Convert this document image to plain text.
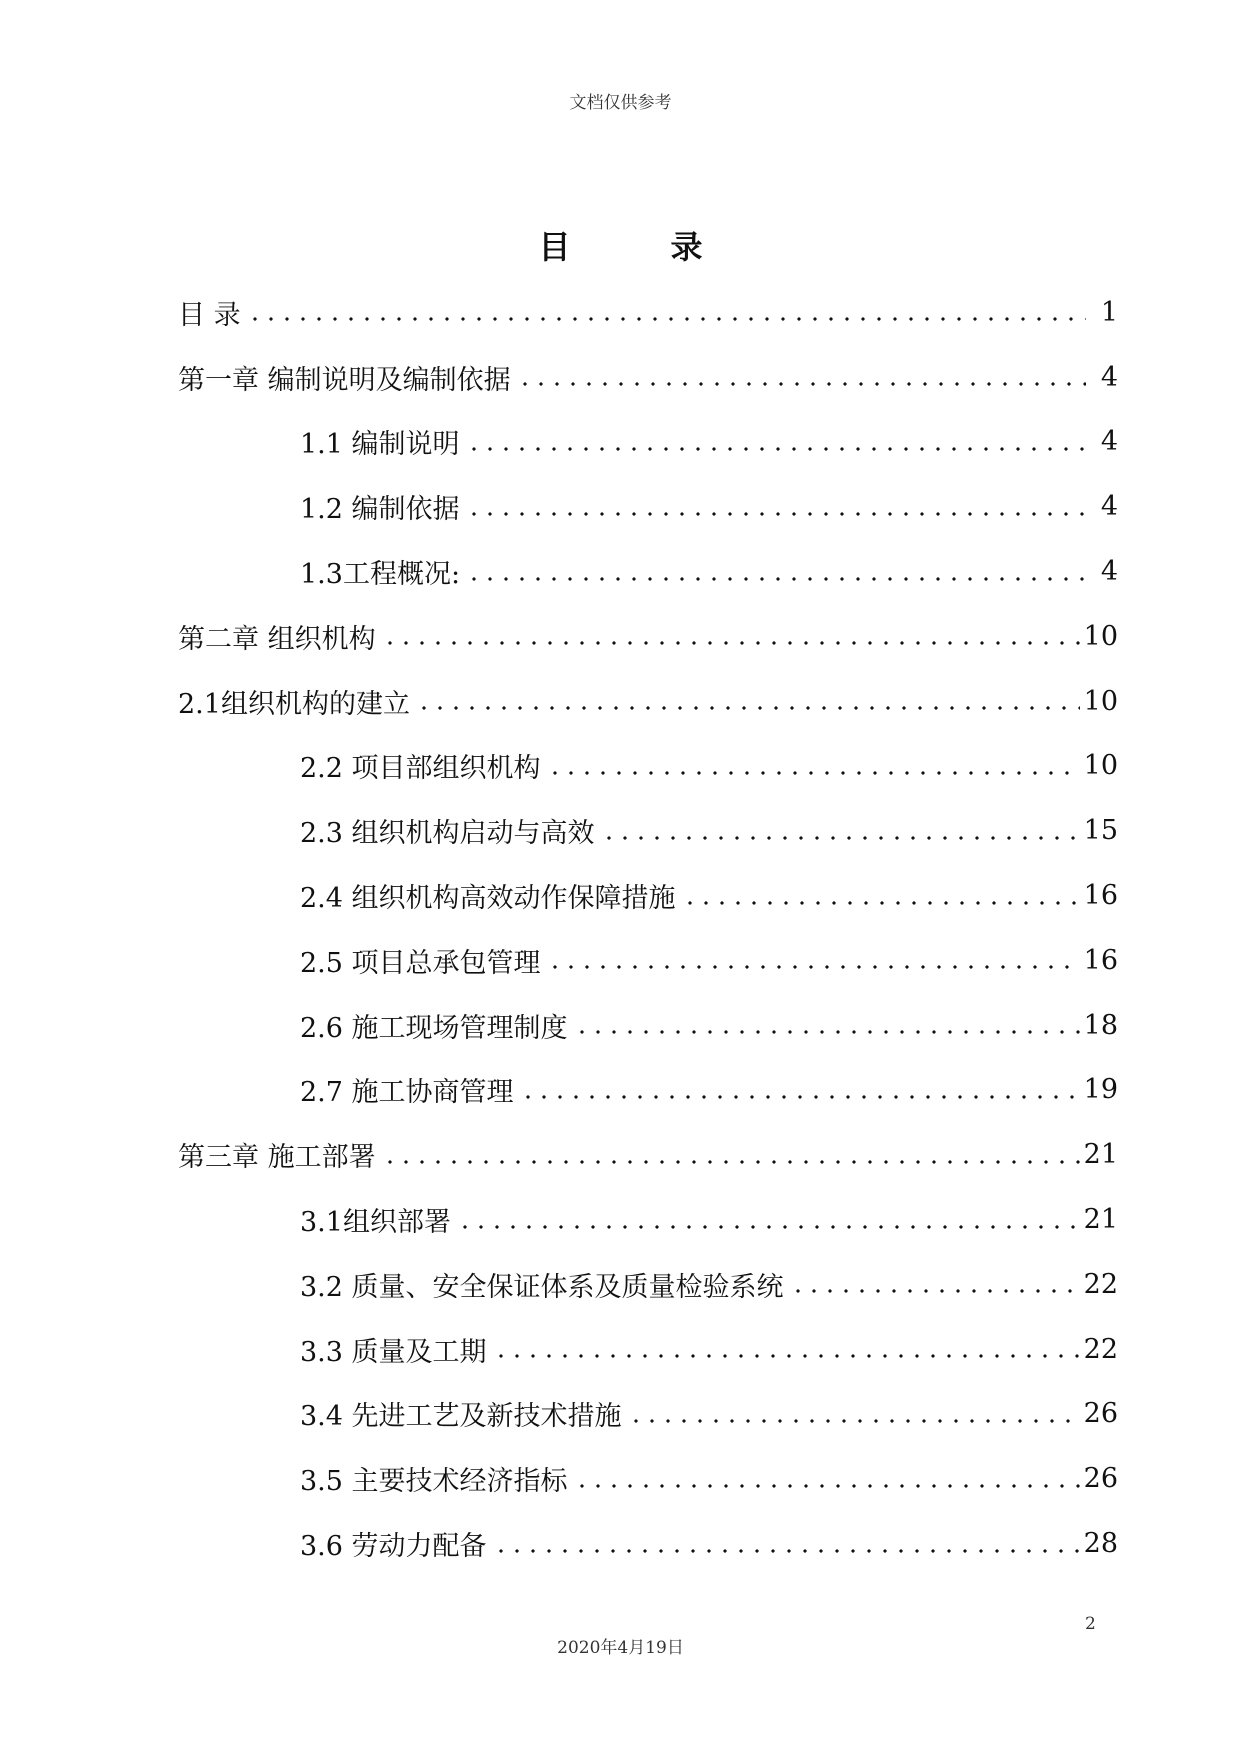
文档仅供参考
目录
目 录	1
第一章 编制说明及编制依据	4
1.1 编制说明	4
1.2 编制依据	4
1.3工程概况:	4
第二章 组织机构	10
2.1组织机构的建立	10
2.2 项目部组织机构	10
2.3 组织机构启动与高效	15
2.4 组织机构高效动作保障措施	16
2.5 项目总承包管理	16
2.6 施工现场管理制度	18
2.7 施工协商管理	19
第三章 施工部署	21
3.1组织部署	21
3.2 质量、安全保证体系及质量检验系统	22
3.3 质量及工期	22
3.4 先进工艺及新技术措施	26
3.5 主要技术经济指标	26
3.6 劳动力配备	28
2
2020年4月19日
